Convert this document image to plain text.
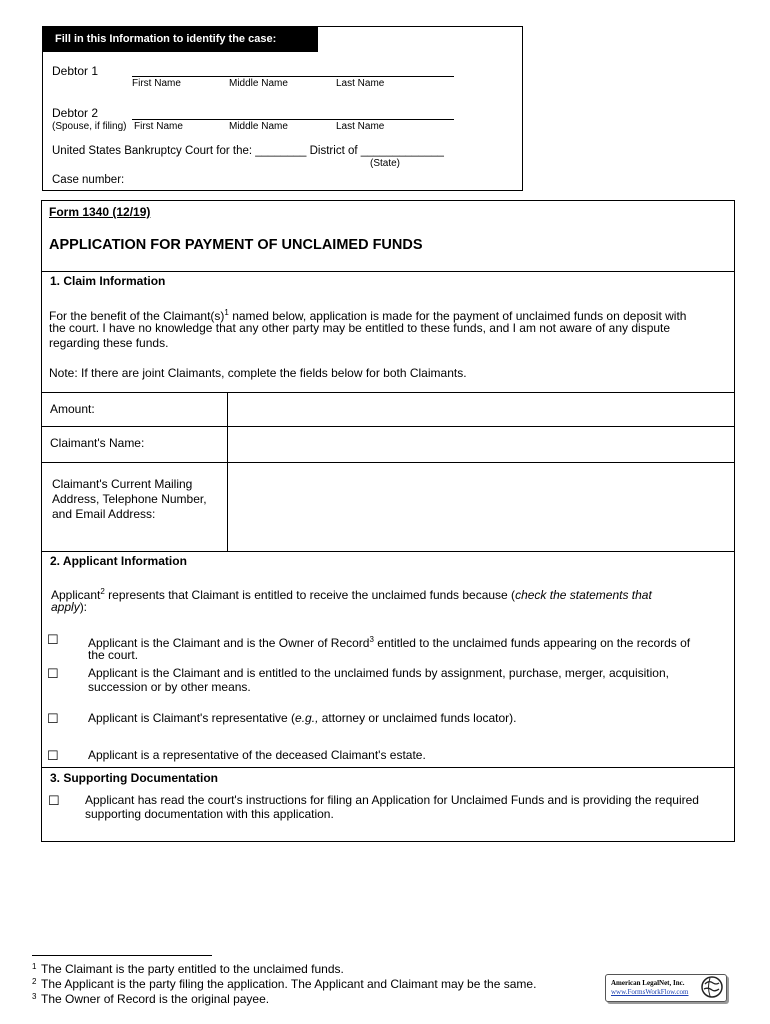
Fill in this Information to identify the case:
Debtor 1
First Name	Middle Name	Last Name
Debtor 2
(Spouse, if filing) First Name	Middle Name	Last Name
United States Bankruptcy Court for the: ________ District of _____________
(State)
Case number:
Form 1340 (12/19)
APPLICATION FOR PAYMENT OF UNCLAIMED FUNDS
1. Claim Information
For the benefit of the $Claimant(s)^1$ named below, application is made for the payment of unclaimed funds on deposit with
the court. I have no knowledge that any other party may be entitled to these funds, and I am not aware of any dispute
regarding these funds.
Note: If there are joint Claimants, complete the fields below for both Claimants.
Amount:
Claimant's Name:
Claimant's Current Mailing
Address, Telephone Number,
and Email Address:
2. Applicant Information
Applicant$^2$ represents that Claimant is entitled to receive the unclaimed funds because (check the statements that
apply):
☐ Applicant is the Claimant and is the Owner of Record$^3$ entitled to the unclaimed funds appearing on the records of
the court.
☐ Applicant is the Claimant and is entitled to the unclaimed funds by assignment, purchase, merger, acquisition,
succession or by other means.
☐ Applicant is Claimant's representative (e.g., attorney or unclaimed funds locator).
☐ Applicant is a representative of the deceased Claimant's estate.
3. Supporting Documentation
☐ Applicant has read the court's instructions for filing an Application for Unclaimed Funds and is providing the required
supporting documentation with this application.
1 The Claimant is the party entitled to the unclaimed funds.
2 The Applicant is the party filing the application. The Applicant and Claimant may be the same.
3 The Owner of Record is the original payee.
American LegalNet, Inc.
www.FormsWorkFlow.com
